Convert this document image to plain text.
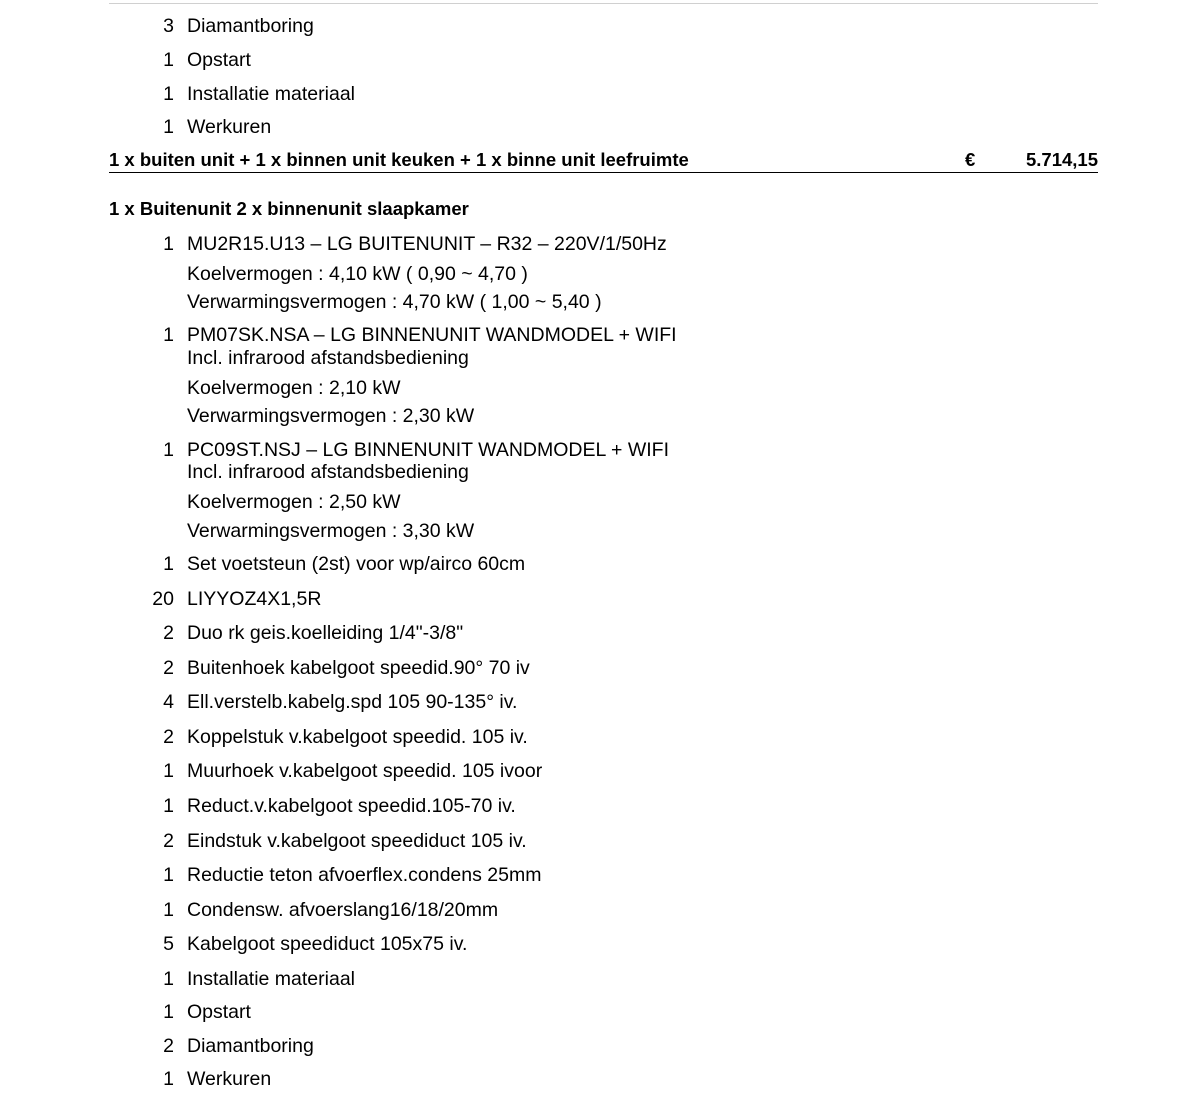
3 Diamantboring
1 Opstart
1 Installatie materiaal
1 Werkuren
1 x buiten unit + 1 x binnen unit keuken + 1 x binne unit leefruimte	€	5.714,15
1 x Buitenunit 2 x binnenunit slaapkamer
1 MU2R15.U13 – LG BUITENUNIT – R32 – 220V/1/50Hz
Koelvermogen : 4,10 kW ( 0,90 ~ 4,70 )
Verwarmingsvermogen : 4,70 kW ( 1,00 ~ 5,40 )
1 PM07SK.NSA – LG BINNENUNIT WANDMODEL + WIFI
Incl. infrarood afstandsbediening
Koelvermogen : 2,10 kW
Verwarmingsvermogen : 2,30 kW
1 PC09ST.NSJ – LG BINNENUNIT WANDMODEL + WIFI
Incl. infrarood afstandsbediening
Koelvermogen : 2,50 kW
Verwarmingsvermogen : 3,30 kW
1 Set voetsteun (2st) voor wp/airco 60cm
20 LIYYOZ4X1,5R
2 Duo rk geis.koelleiding 1/4"-3/8"
2 Buitenhoek kabelgoot speedid.90° 70 iv
4 Ell.verstelb.kabelg.spd 105 90-135° iv.
2 Koppelstuk v.kabelgoot speedid. 105 iv.
1 Muurhoek v.kabelgoot speedid. 105 ivoor
1 Reduct.v.kabelgoot speedid.105-70 iv.
2 Eindstuk v.kabelgoot speediduct 105 iv.
1 Reductie teton afvoerflex.condens 25mm
1 Condensw. afvoerslang16/18/20mm
5 Kabelgoot speediduct 105x75 iv.
1 Installatie materiaal
1 Opstart
2 Diamantboring
1 Werkuren
